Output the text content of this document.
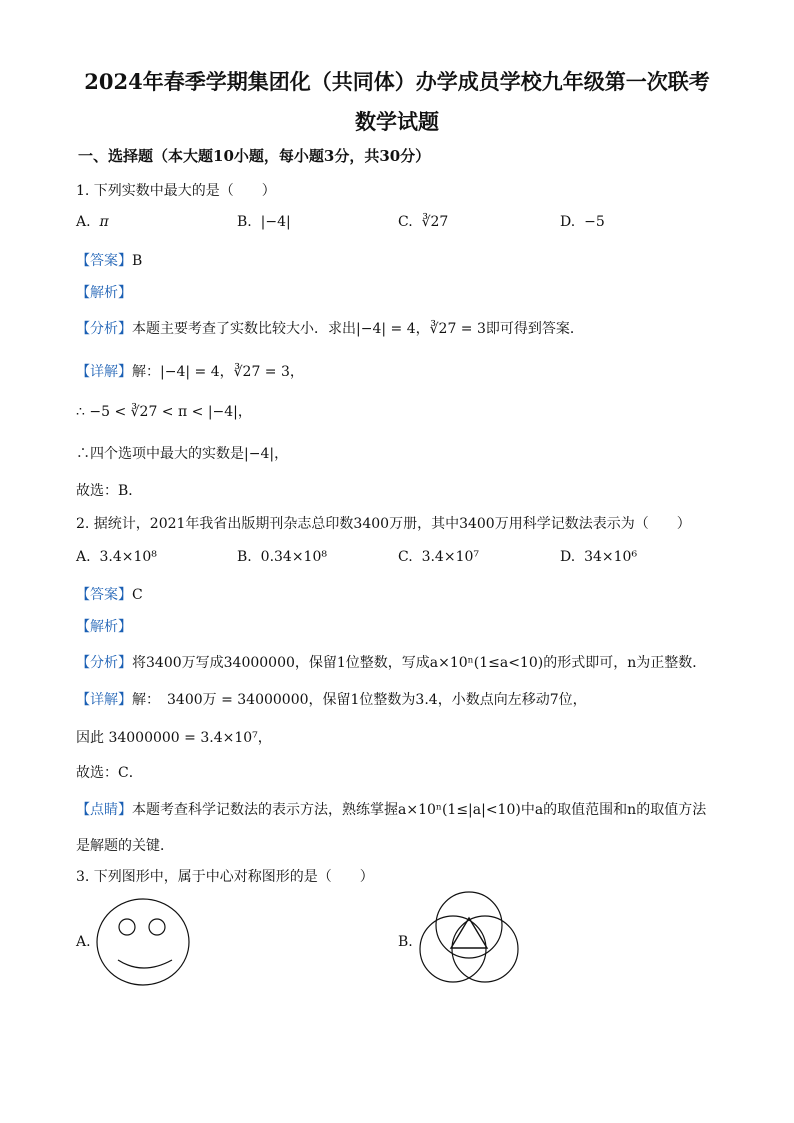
2024年春季学期集团化（共同体）办学成员学校九年级第一次联考
数学试题
一、选择题（本大题10小题，每小题3分，共30分）
1. 下列实数中最大的是（　　）
A. π	B. |−4|	C. ∛27	D. −5
【答案】B
【解析】
【分析】本题主要考查了实数比较大小．求出|−4| = 4，∛27 = 3即可得到答案．
【详解】解：|−4| = 4，∛27 = 3，
∴ −5 < ∛27 < π < |−4|，
∴四个选项中最大的实数是|−4|，
故选：B．
2. 据统计，2021年我省出版期刊杂志总印数3400万册，其中3400万用科学记数法表示为（　　）
A. 3.4×10⁸	B. 0.34×10⁸	C. 3.4×10⁷	D. 34×10⁶
【答案】C
【解析】
【分析】将3400万写成34000000，保留1位整数，写成a×10ⁿ(1≤a<10)的形式即可，n为正整数．
【详解】解：　3400万 = 34000000，保留1位整数为3.4，小数点向左移动7位，
因此 34000000 = 3.4×10⁷，
故选：C．
【点睛】本题考查科学记数法的表示方法，熟练掌握a×10ⁿ(1≤|a|<10)中a的取值范围和n的取值方法
是解题的关键．
3. 下列图形中，属于中心对称图形的是（　　）
A.	B.
